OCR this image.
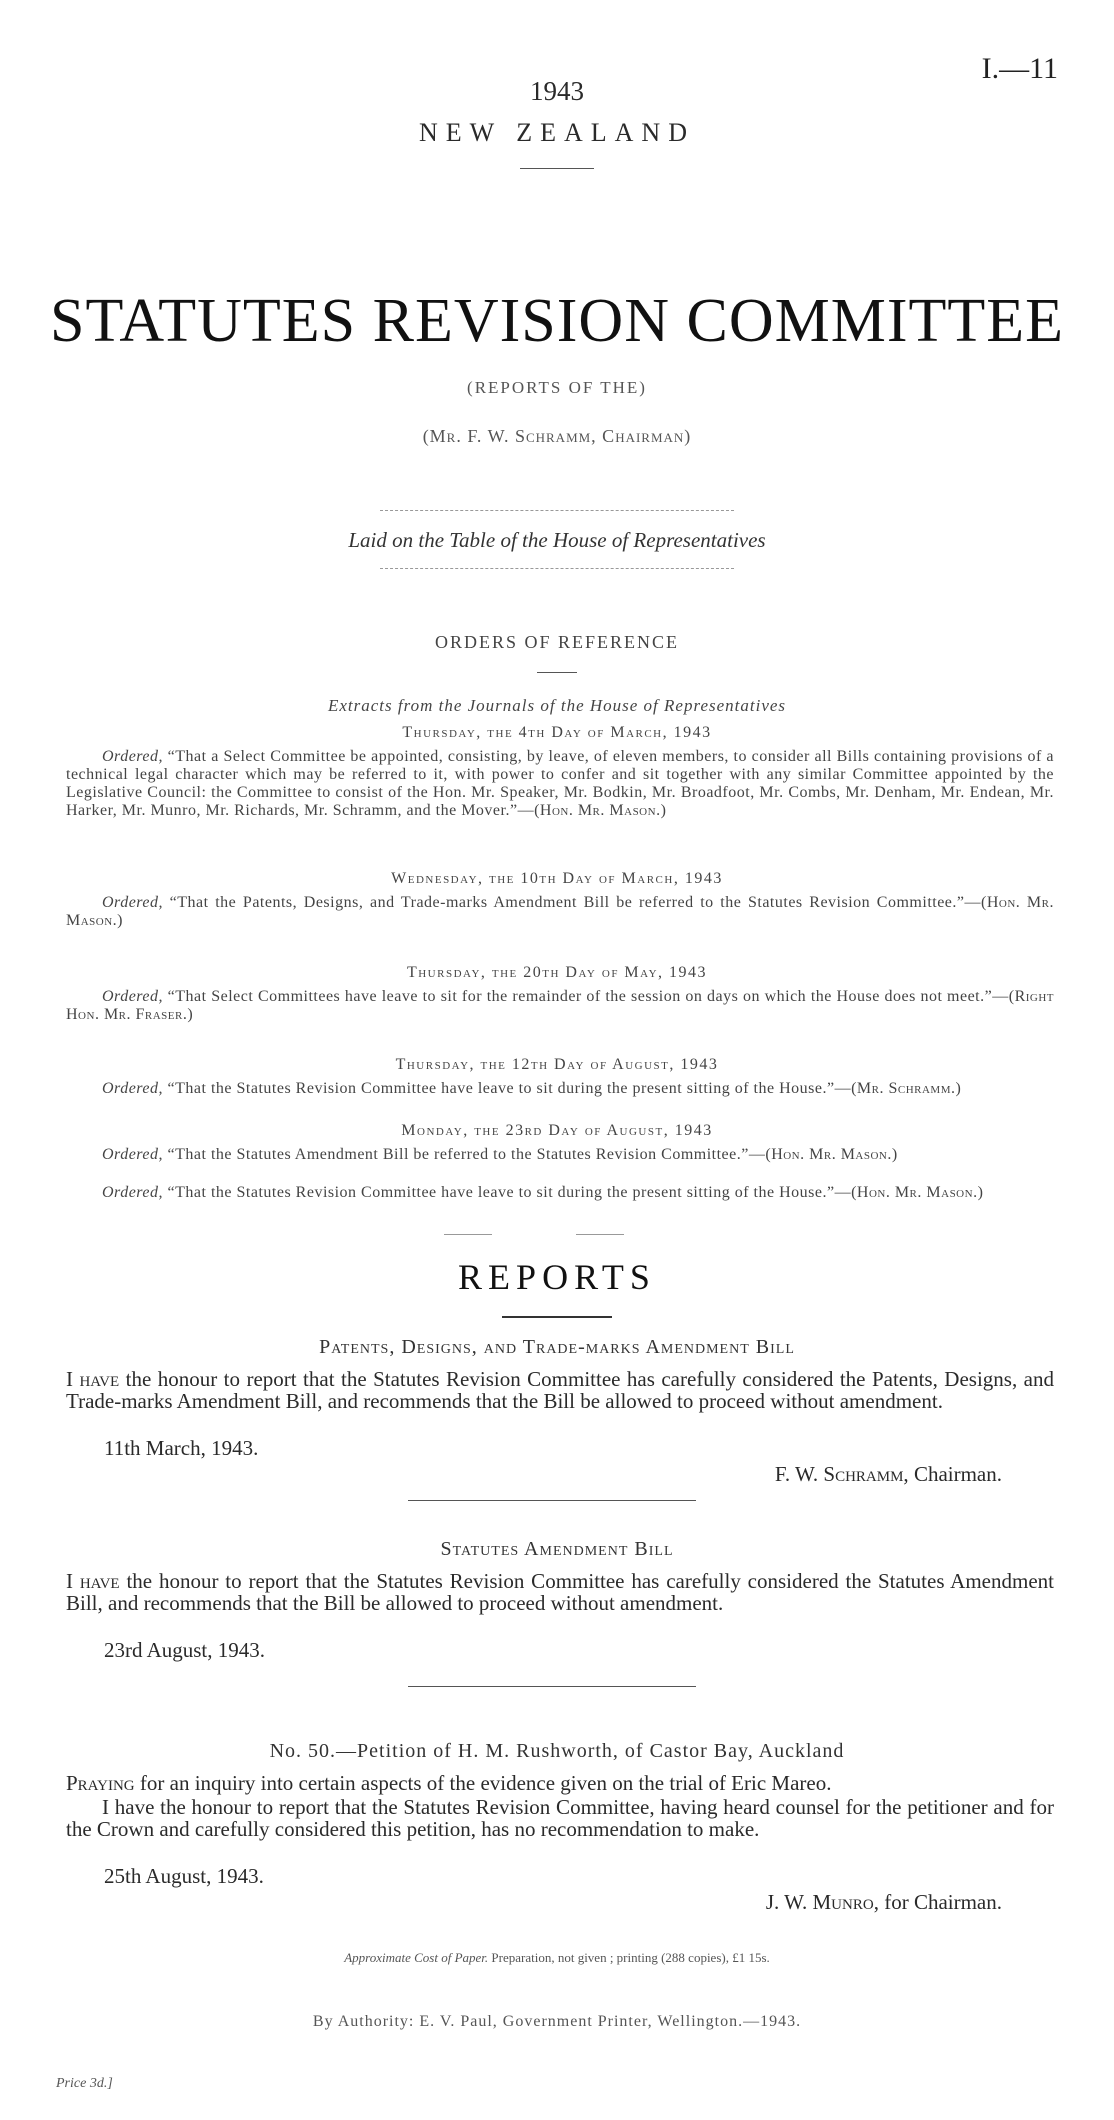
I.—11
1943
NEW ZEALAND
STATUTES REVISION COMMITTEE
(REPORTS OF THE)
(Mr. F. W. Schramm, Chairman)
Laid on the Table of the House of Representatives
ORDERS OF REFERENCE
Extracts from the Journals of the House of Representatives
Thursday, the 4th Day of March, 1943
Ordered, “That a Select Committee be appointed, consisting, by leave, of eleven members, to consider all Bills containing provisions of a technical legal character which may be referred to it, with power to confer and sit together with any similar Committee appointed by the Legislative Council: the Committee to consist of the Hon. Mr. Speaker, Mr. Bodkin, Mr. Broadfoot, Mr. Combs, Mr. Denham, Mr. Endean, Mr. Harker, Mr. Munro, Mr. Richards, Mr. Schramm, and the Mover.”—(Hon. Mr. Mason.)
Wednesday, the 10th Day of March, 1943
Ordered, “That the Patents, Designs, and Trade-marks Amendment Bill be referred to the Statutes Revision Committee.”—(Hon. Mr. Mason.)
Thursday, the 20th Day of May, 1943
Ordered, “That Select Committees have leave to sit for the remainder of the session on days on which the House does not meet.”—(Right Hon. Mr. Fraser.)
Thursday, the 12th Day of August, 1943
Ordered, “That the Statutes Revision Committee have leave to sit during the present sitting of the House.”—(Mr. Schramm.)
Monday, the 23rd Day of August, 1943
Ordered, “That the Statutes Amendment Bill be referred to the Statutes Revision Committee.”—(Hon. Mr. Mason.)
Ordered, “That the Statutes Revision Committee have leave to sit during the present sitting of the House.”—(Hon. Mr. Mason.)
REPORTS
Patents, Designs, and Trade-marks Amendment Bill
I have the honour to report that the Statutes Revision Committee has carefully considered the Patents, Designs, and Trade-marks Amendment Bill, and recommends that the Bill be allowed to proceed without amendment.
11th March, 1943.
F. W. Schramm, Chairman.
Statutes Amendment Bill
I have the honour to report that the Statutes Revision Committee has carefully considered the Statutes Amendment Bill, and recommends that the Bill be allowed to proceed without amendment.
23rd August, 1943.
No. 50.—Petition of H. M. Rushworth, of Castor Bay, Auckland
Praying for an inquiry into certain aspects of the evidence given on the trial of Eric Mareo.
I have the honour to report that the Statutes Revision Committee, having heard counsel for the petitioner and for the Crown and carefully considered this petition, has no recommendation to make.
25th August, 1943.
J. W. Munro, for Chairman.
Approximate Cost of Paper. Preparation, not given ; printing (288 copies), £1 15s.
By Authority: E. V. Paul, Government Printer, Wellington.—1943.
Price 3d.]
